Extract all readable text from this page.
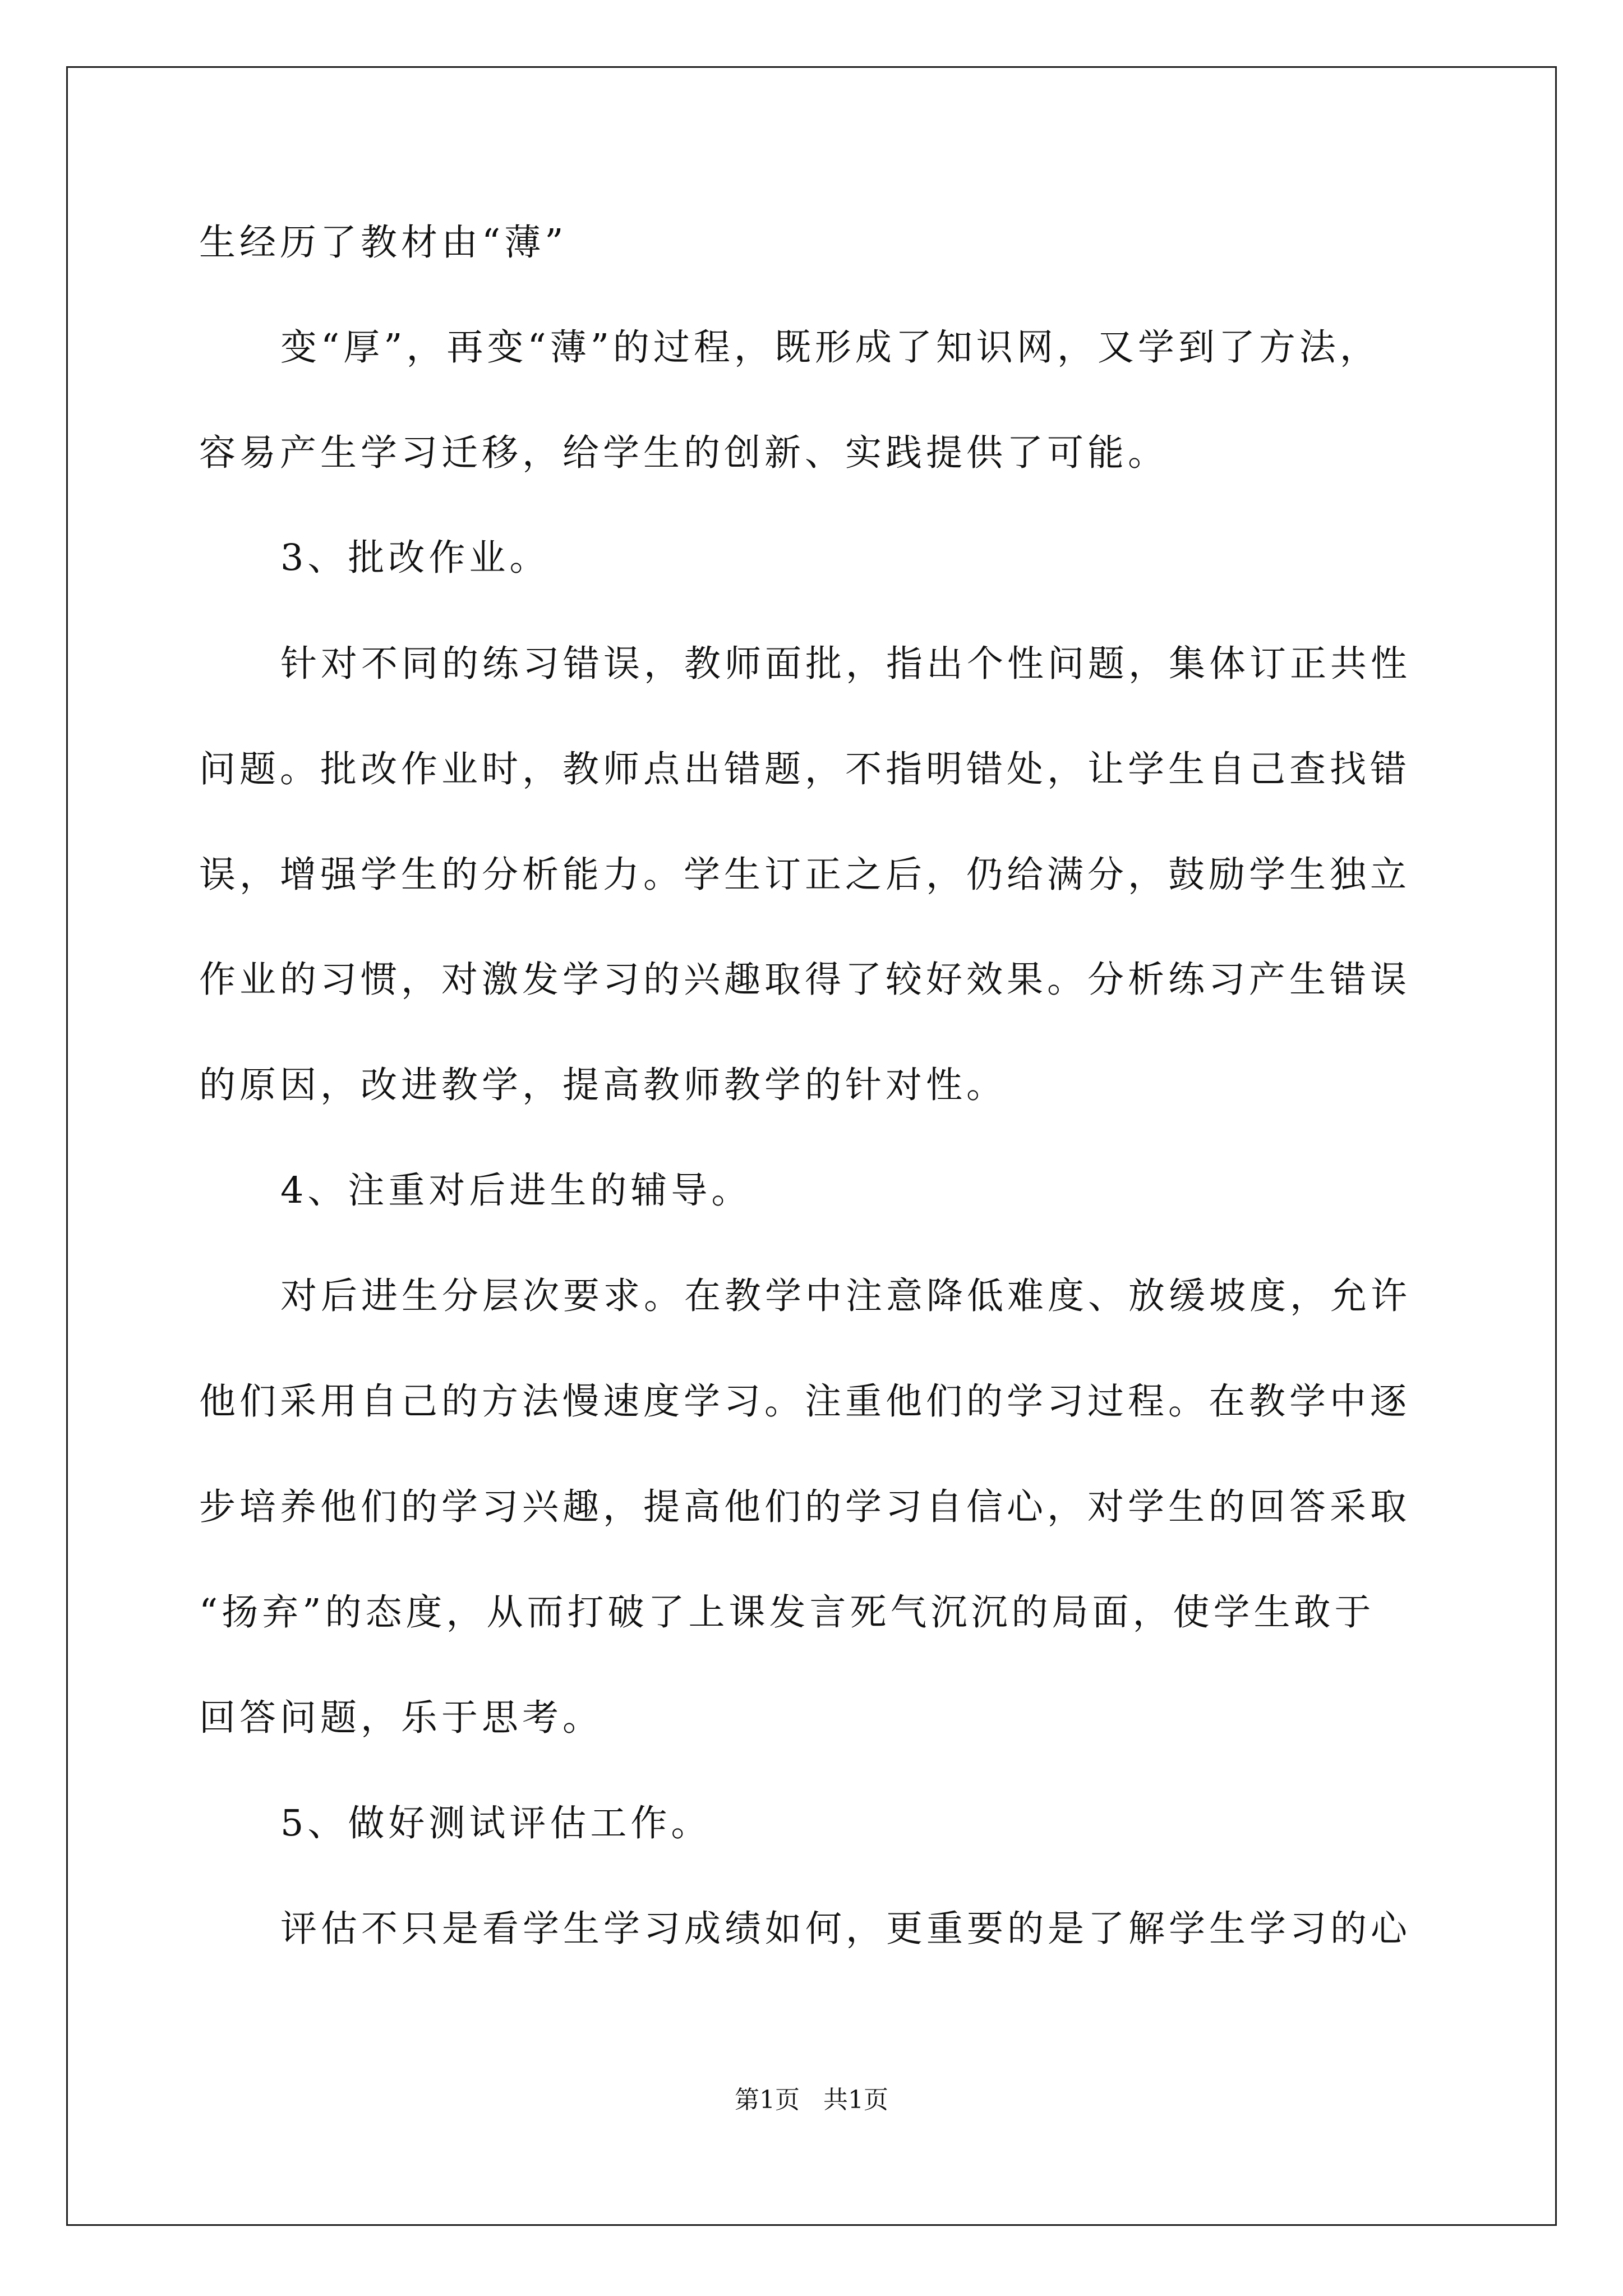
生经历了教材由“薄”
变“厚”，再变“薄”的过程，既形成了知识网，又学到了方法，
容易产生学习迁移，给学生的创新、实践提供了可能。
3、批改作业。
针对不同的练习错误，教师面批，指出个性问题，集体订正共性
问题。批改作业时，教师点出错题，不指明错处，让学生自己查找错
误，增强学生的分析能力。学生订正之后，仍给满分，鼓励学生独立
作业的习惯，对激发学习的兴趣取得了较好效果。分析练习产生错误
的原因，改进教学，提高教师教学的针对性。
4、注重对后进生的辅导。
对后进生分层次要求。在教学中注意降低难度、放缓坡度，允许
他们采用自己的方法慢速度学习。注重他们的学习过程。在教学中逐
步培养他们的学习兴趣，提高他们的学习自信心，对学生的回答采取
“扬弃”的态度，从而打破了上课发言死气沉沉的局面，使学生敢于
回答问题，乐于思考。
5、做好测试评估工作。
评估不只是看学生学习成绩如何，更重要的是了解学生学习的心
第1页   共1页
